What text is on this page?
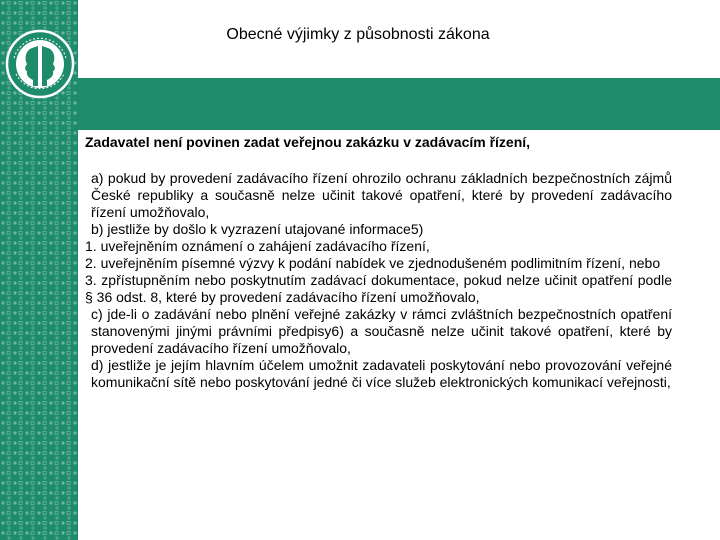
Obecné výjimky z působnosti zákona
Zadavatel není povinen zadat veřejnou zakázku v zadávacím řízení,

a) pokud by provedení zadávacího řízení ohrozilo ochranu základních bezpečnostních zájmů České republiky a současně nelze učinit takové opatření, které by provedení zadávacího řízení umožňovalo,

b) jestliže by došlo k vyzrazení utajované informace5)

1. uveřejněním oznámení o zahájení zadávacího řízení,

2. uveřejněním písemné výzvy k podání nabídek ve zjednodušeném podlimitním řízení, nebo

3. zpřístupněním nebo poskytnutím zadávací dokumentace, pokud nelze učinit opatření podle § 36 odst. 8, které by provedení zadávacího řízení umožňovalo,

c) jde-li o zadávání nebo plnění veřejné zakázky v rámci zvláštních bezpečnostních opatření stanovenými jinými právními předpisy6) a současně nelze učinit takové opatření, které by provedení zadávacího řízení umožňovalo,

d) jestliže je jejím hlavním účelem umožnit zadavateli poskytování nebo provozování veřejné komunikační sítě nebo poskytování jedné či více služeb elektronických komunikací veřejnosti,
